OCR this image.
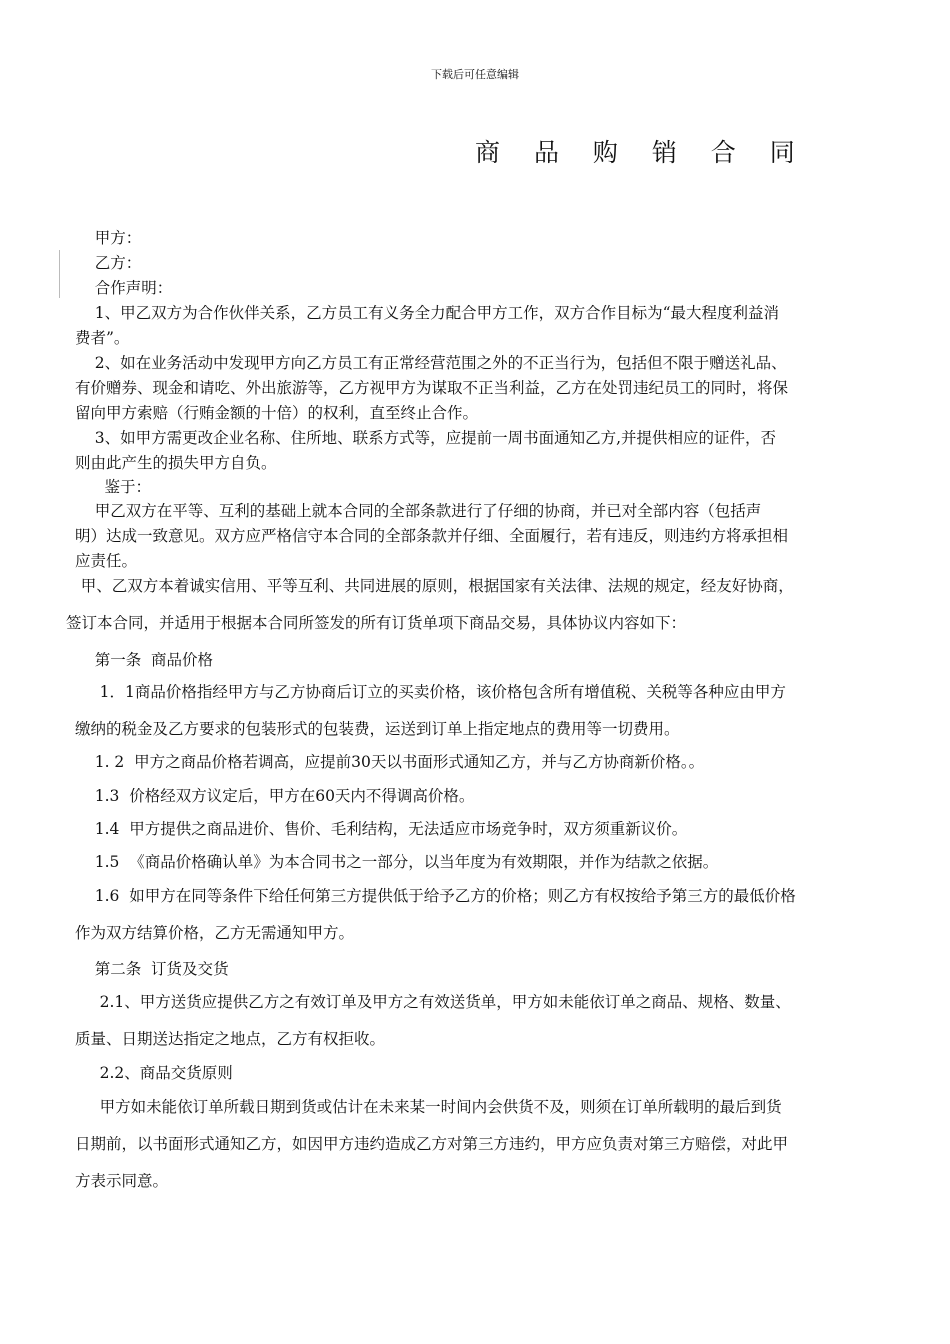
下载后可任意编辑
商 品 购 销 合 同
甲方：
乙方：
合作声明：
1、甲乙双方为合作伙伴关系，乙方员工有义务全力配合甲方工作，双方合作目标为“最大程度利益消
费者”。
2、如在业务活动中发现甲方向乙方员工有正常经营范围之外的不正当行为，包括但不限于赠送礼品、
有价赠券、现金和请吃、外出旅游等，乙方视甲方为谋取不正当利益，乙方在处罚违纪员工的同时，将保
留向甲方索赔（行贿金额的十倍）的权利，直至终止合作。
3、如甲方需更改企业名称、住所地、联系方式等，应提前一周书面通知乙方,并提供相应的证件，否
则由此产生的损失甲方自负。
鉴于：
甲乙双方在平等、互利的基础上就本合同的全部条款进行了仔细的协商，并已对全部内容（包括声
明）达成一致意见。双方应严格信守本合同的全部条款并仔细、全面履行，若有违反，则违约方将承担相
应责任。
甲、乙双方本着诚实信用、平等互利、共同进展的原则，根据国家有关法律、法规的规定，经友好协商，
签订本合同，并适用于根据本合同所签发的所有订货单项下商品交易，具体协议内容如下：
第一条  商品价格
1．1商品价格指经甲方与乙方协商后订立的买卖价格，该价格包含所有增值税、关税等各种应由甲方
缴纳的税金及乙方要求的包装形式的包装费，运送到订单上指定地点的费用等一切费用。
1. 2  甲方之商品价格若调高，应提前30天以书面形式通知乙方，并与乙方协商新价格。。
1.3  价格经双方议定后，甲方在60天内不得调高价格。
1.4  甲方提供之商品进价、售价、毛利结构，无法适应市场竞争时，双方须重新议价。
1.5  《商品价格确认单》为本合同书之一部分，以当年度为有效期限，并作为结款之依据。
1.6  如甲方在同等条件下给任何第三方提供低于给予乙方的价格；则乙方有权按给予第三方的最低价格
作为双方结算价格，乙方无需通知甲方。
第二条  订货及交货
2.1、甲方送货应提供乙方之有效订单及甲方之有效送货单，甲方如未能依订单之商品、规格、数量、
质量、日期送达指定之地点，乙方有权拒收。
2.2、商品交货原则
甲方如未能依订单所载日期到货或估计在未来某一时间内会供货不及，则须在订单所载明的最后到货
日期前，以书面形式通知乙方，如因甲方违约造成乙方对第三方违约，甲方应负责对第三方赔偿，对此甲
方表示同意。
